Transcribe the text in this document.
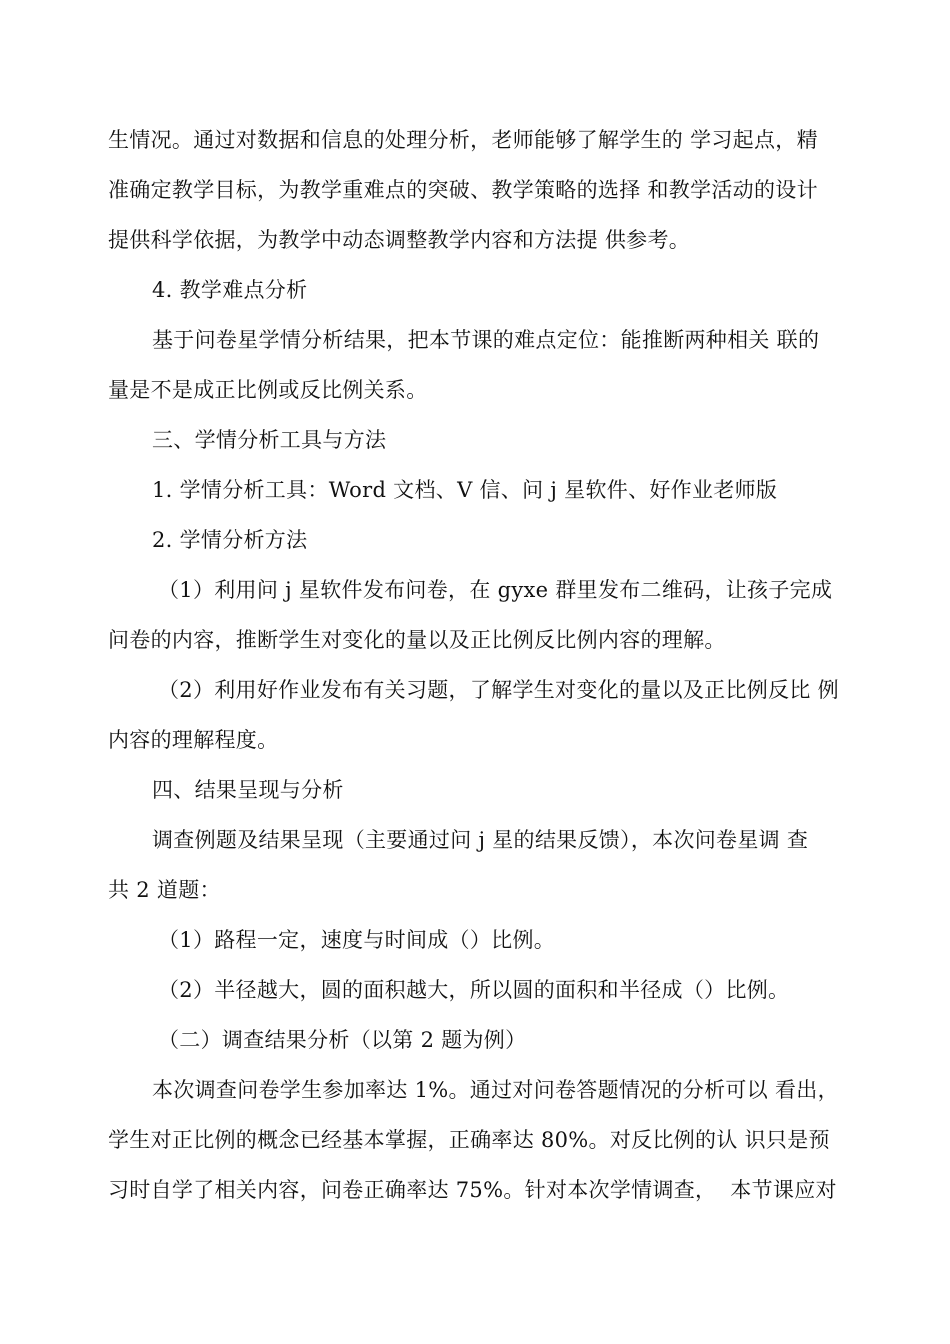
生情况。通过对数据和信息的处理分析，老师能够了解学生的 学习起点，精
准确定教学目标，为教学重难点的突破、教学策略的选择 和教学活动的设计
提供科学依据，为教学中动态调整教学内容和方法提 供参考。
4. 教学难点分析
基于问卷星学情分析结果，把本节课的难点定位：能推断两种相关 联的
量是不是成正比例或反比例关系。
三、学情分析工具与方法
1. 学情分析工具：Word 文档、V 信、问 j 星软件、好作业老师版
2. 学情分析方法
（1）利用问 j 星软件发布问卷，在 gyxe 群里发布二维码，让孩子完成
问卷的内容，推断学生对变化的量以及正比例反比例内容的理解。
（2）利用好作业发布有关习题，了解学生对变化的量以及正比例反比 例
内容的理解程度。
四、结果呈现与分析
调查例题及结果呈现（主要通过问 j 星的结果反馈），本次问卷星调 查
共 2 道题：
（1）路程一定，速度与时间成（）比例。
（2）半径越大，圆的面积越大，所以圆的面积和半径成（）比例。
（二）调查结果分析（以第 2 题为例）
本次调查问卷学生参加率达 1%。通过对问卷答题情况的分析可以 看出，
学生对正比例的概念已经基本掌握，正确率达 80%。对反比例的认 识只是预
习时自学了相关内容，问卷正确率达 75%。针对本次学情调查，  本节课应对
